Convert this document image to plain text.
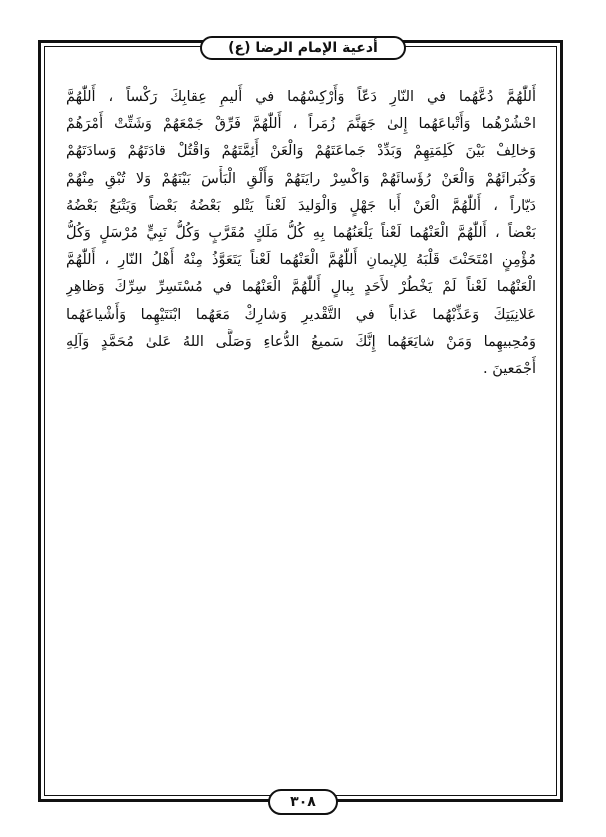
أدعية الإمام الرضا (ع)
أَللّٰهُمَّ دُعَّهُما في النّارِ دَعّاً وَأَرْكِسْهُما في أَليمِ عِقابِكَ رَكْساً ، أَللّٰهُمَّ
احْشُرْهُما وَأَتْباعَهُما إِلىٰ جَهَنَّمَ زُمَراً ، أَللّٰهُمَّ فَرِّقْ جَمْعَهُمْ وَشَتِّتْ أَمْرَهُمْ
وَخالِفْ بَيْنَ كَلِمَتِهِمْ وَبَدِّدْ جَماعَتَهُمْ وَالْعَنْ أَئِمَّتَهُمْ وَاقْتُلْ قادَتَهُمْ وَسادَتَهُمْ
وَكُبَرائَهُمْ وَالْعَنْ رُؤَسائَهُمْ وَاكْسِرْ رايَتَهُمْ وَأَلْقِ الْبَأْسَ بَيْنَهُمْ وَلا تُبْقِ مِنْهُمْ
دَيّاراً ، أَللّٰهُمَّ الْعَنْ أَبا جَهْلٍ وَالْوَليدَ لَعْناً يَتْلو بَعْضُهُ بَعْضاً وَيَتْبَعُ بَعْضُهُ
بَعْضاً ، أَللّٰهُمَّ الْعَنْهُما لَعْناً يَلْعَنُهُما بِهِ كُلُّ مَلَكٍ مُقَرَّبٍ وَكُلُّ نَبِيٍّ مُرْسَلٍ وَكُلُّ
مُؤْمِنٍ امْتَحَنْتَ قَلْبَهُ لِلإيمانِ أَللّٰهُمَّ الْعَنْهُما لَعْناً يَتَعَوَّذُ مِنْهُ أَهْلُ النّارِ ، أَللّٰهُمَّ
الْعَنْهُما لَعْناً لَمْ يَخْطُرْ لأَحَدٍ بِبالٍ أَللّٰهُمَّ الْعَنْهُما في مُسْتَسِرِّ سِرِّكَ وَظاهِرِ
عَلانِيَتِكَ وَعَذِّبْهُما عَذاباً في التَّقْديرِ وَشارِكْ مَعَهُما ابْنَتَيْهِما وَأَشْياعَهُما
وَمُحِبيهِما وَمَنْ شايَعَهُما إِنَّكَ سَميعُ الدُّعاءِ وَصَلَّى اللهُ عَلىٰ مُحَمَّدٍ وَآلِهِ
أَجْمَعينَ .
٣٠٨
